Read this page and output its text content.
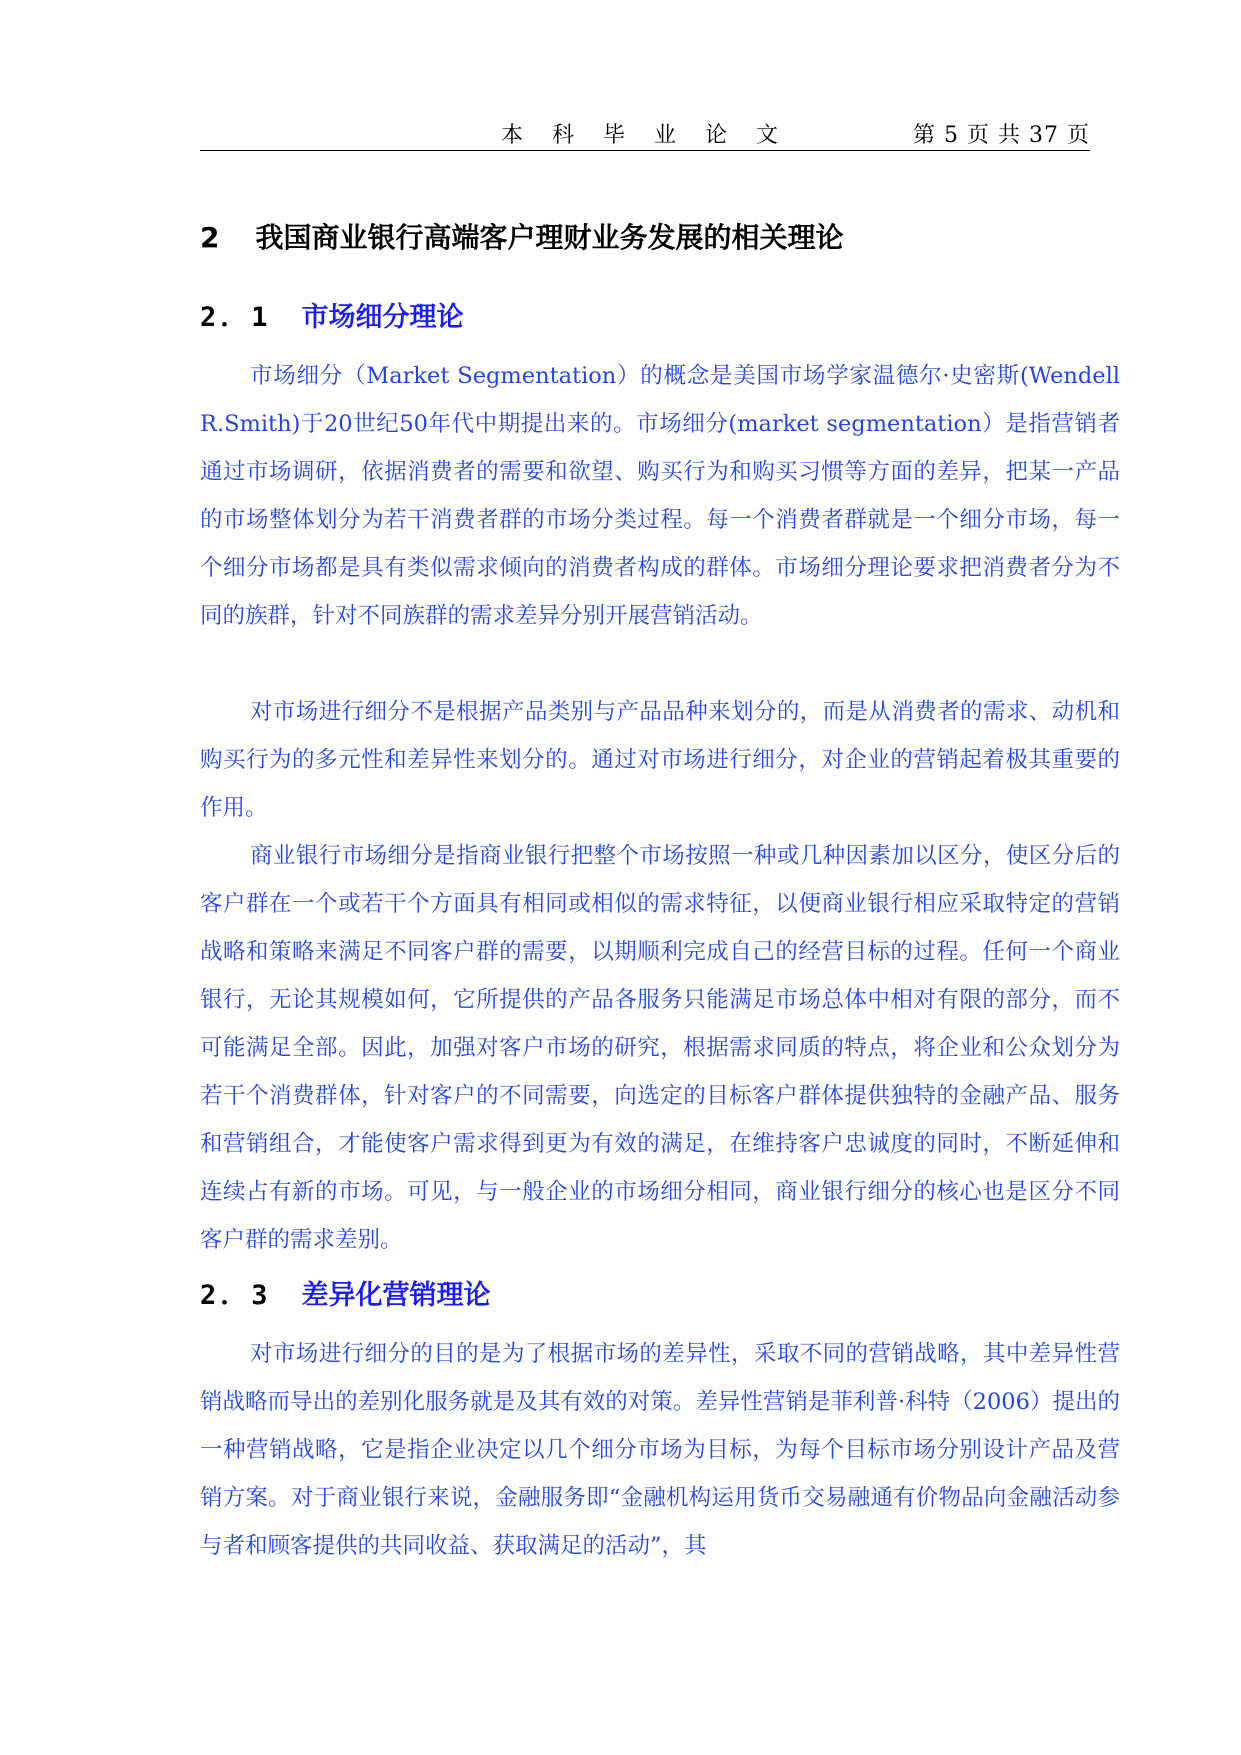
本 科 毕 业 论 文	第 5 页 共 37 页
2 我国商业银行高端客户理财业务发展的相关理论
2．1 市场细分理论

市场细分（Market Segmentation）的概念是美国市场学家温德尔·史密斯(Wendell R.Smith)于20世纪50年代中期提出来的。市场细分(market segmentation）是指营销者通过市场调研，依据消费者的需要和欲望、购买行为和购买习惯等方面的差异，把某一产品的市场整体划分为若干消费者群的市场分类过程。每一个消费者群就是一个细分市场，每一个细分市场都是具有类似需求倾向的消费者构成的群体。市场细分理论要求把消费者分为不同的族群，针对不同族群的需求差异分别开展营销活动。

对市场进行细分不是根据产品类别与产品品种来划分的，而是从消费者的需求、动机和购买行为的多元性和差异性来划分的。通过对市场进行细分，对企业的营销起着极其重要的作用。

商业银行市场细分是指商业银行把整个市场按照一种或几种因素加以区分，使区分后的客户群在一个或若干个方面具有相同或相似的需求特征，以便商业银行相应采取特定的营销战略和策略来满足不同客户群的需要，以期顺利完成自己的经营目标的过程。任何一个商业银行，无论其规模如何，它所提供的产品各服务只能满足市场总体中相对有限的部分，而不可能满足全部。因此，加强对客户市场的研究，根据需求同质的特点，将企业和公众划分为若干个消费群体，针对客户的不同需要，向选定的目标客户群体提供独特的金融产品、服务和营销组合，才能使客户需求得到更为有效的满足，在维持客户忠诚度的同时，不断延伸和连续占有新的市场。可见，与一般企业的市场细分相同，商业银行细分的核心也是区分不同客户群的需求差别。

2．3 差异化营销理论

对市场进行细分的目的是为了根据市场的差异性，采取不同的营销战略，其中差异性营销战略而导出的差别化服务就是及其有效的对策。差异性营销是菲利普·科特（2006）提出的一种营销战略，它是指企业决定以几个细分市场为目标，为每个目标市场分别设计产品及营销方案。对于商业银行来说，金融服务即“金融机构运用货币交易融通有价物品向金融活动参与者和顾客提供的共同收益、获取满足的活动”，其
